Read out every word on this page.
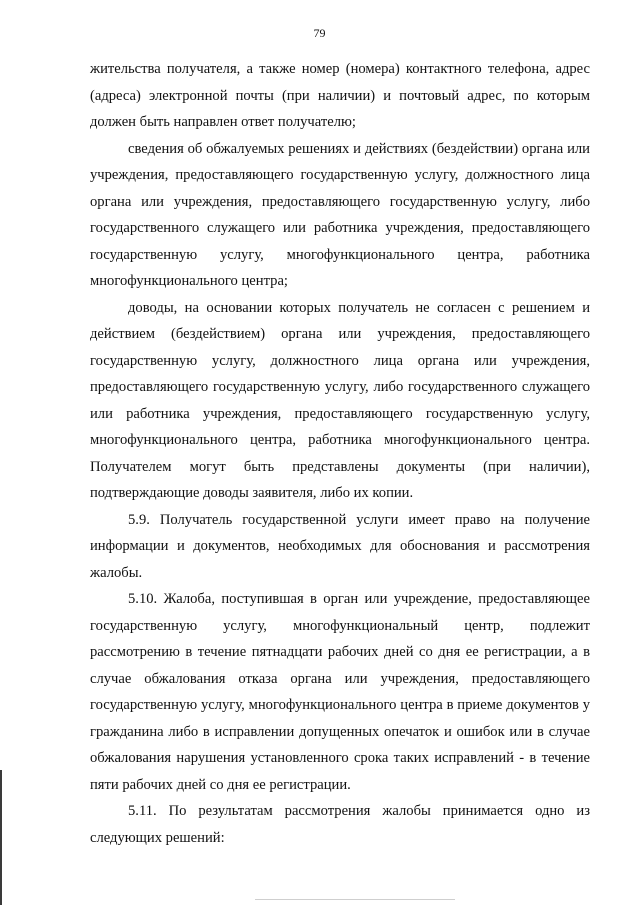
79

жительства получателя, а также номер (номера) контактного телефона, адрес (адреса) электронной почты (при наличии) и почтовый адрес, по которым должен быть направлен ответ получателю;

сведения об обжалуемых решениях и действиях (бездействии) органа или учреждения, предоставляющего государственную услугу, должностного лица органа или учреждения, предоставляющего государственную услугу, либо государственного служащего или работника учреждения, предоставляющего государственную услугу, многофункционального центра, работника многофункционального центра;

доводы, на основании которых получатель не согласен с решением и действием (бездействием) органа или учреждения, предоставляющего государственную услугу, должностного лица органа или учреждения, предоставляющего государственную услугу, либо государственного служащего или работника учреждения, предоставляющего государственную услугу, многофункционального центра, работника многофункционального центра. Получателем могут быть представлены документы (при наличии), подтверждающие доводы заявителя, либо их копии.

5.9. Получатель государственной услуги имеет право на получение информации и документов, необходимых для обоснования и рассмотрения жалобы.

5.10. Жалоба, поступившая в орган или учреждение, предоставляющее государственную услугу, многофункциональный центр, подлежит рассмотрению в течение пятнадцати рабочих дней со дня ее регистрации, а в случае обжалования отказа органа или учреждения, предоставляющего государственную услугу, многофункционального центра в приеме документов у гражданина либо в исправлении допущенных опечаток и ошибок или в случае обжалования нарушения установленного срока таких исправлений - в течение пяти рабочих дней со дня ее регистрации.

5.11. По результатам рассмотрения жалобы принимается одно из следующих решений:
